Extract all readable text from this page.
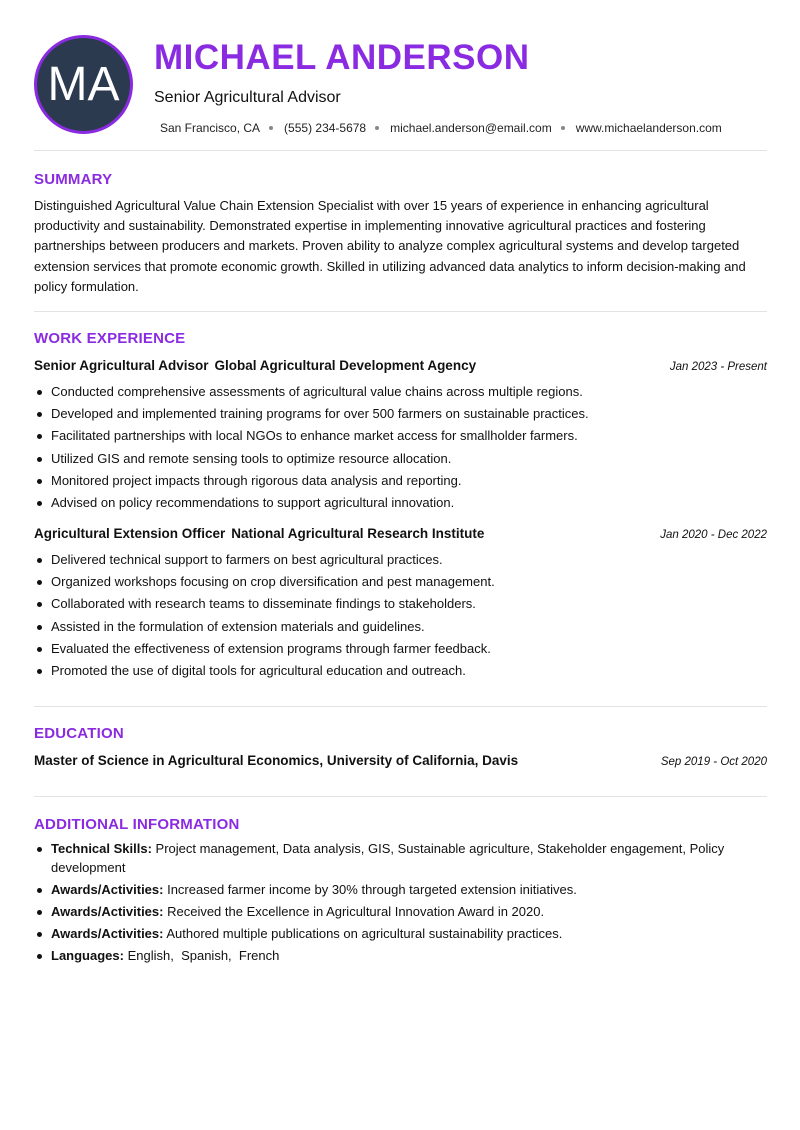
MA
MICHAEL ANDERSON
Senior Agricultural Advisor
San Francisco, CA (555) 234-5678 michael.anderson@email.com www.michaelanderson.com
SUMMARY

Distinguished Agricultural Value Chain Extension Specialist with over 15 years of experience in enhancing agricultural productivity and sustainability. Demonstrated expertise in implementing innovative agricultural practices and fostering partnerships between producers and markets. Proven ability to analyze complex agricultural systems and develop targeted extension services that promote economic growth. Skilled in utilizing advanced data analytics to inform decision-making and policy formulation.

WORK EXPERIENCE
Senior Agricultural Advisor Global Agricultural Development Agency	Jan 2023 - Present
Conducted comprehensive assessments of agricultural value chains across multiple regions.
Developed and implemented training programs for over 500 farmers on sustainable practices.
Facilitated partnerships with local NGOs to enhance market access for smallholder farmers.
Utilized GIS and remote sensing tools to optimize resource allocation.
Monitored project impacts through rigorous data analysis and reporting.
Advised on policy recommendations to support agricultural innovation.
Agricultural Extension Officer National Agricultural Research Institute	Jan 2020 - Dec 2022
Delivered technical support to farmers on best agricultural practices.
Organized workshops focusing on crop diversification and pest management.
Collaborated with research teams to disseminate findings to stakeholders.
Assisted in the formulation of extension materials and guidelines.
Evaluated the effectiveness of extension programs through farmer feedback.
Promoted the use of digital tools for agricultural education and outreach.
EDUCATION
Master of Science in Agricultural Economics, University of California, Davis	Sep 2019 - Oct 2020
ADDITIONAL INFORMATION
Technical Skills: Project management, Data analysis, GIS, Sustainable agriculture, Stakeholder engagement, Policy development
Awards/Activities: Increased farmer income by 30% through targeted extension initiatives.
Awards/Activities: Received the Excellence in Agricultural Innovation Award in 2020.
Awards/Activities: Authored multiple publications on agricultural sustainability practices.
Languages: English,  Spanish,  French
